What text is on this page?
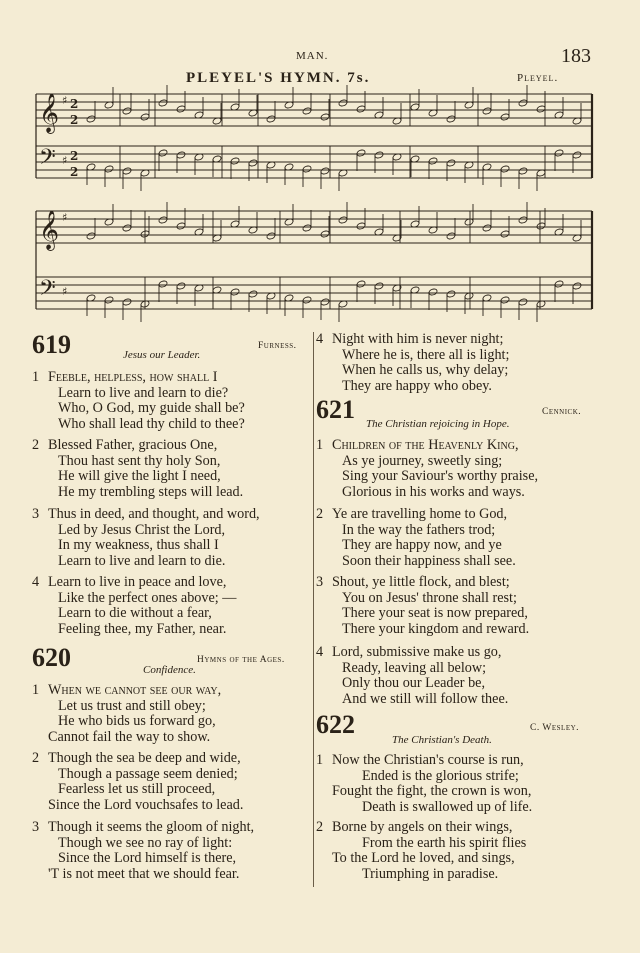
MAN.	183
PLEYEL'S HYMN. 7s.	Pleyel.
𝄞 ♯ 2
2
𝄢 ♯ 2
2
𝄞 ♯
𝄢 ♯
619	Furness.
Jesus our Leader.
1 Feeble, helpless, how shall I
Learn to live and learn to die?
Who, O God, my guide shall be?
Who shall lead thy child to thee?
2 Blessed Father, gracious One,
Thou hast sent thy holy Son,
He will give the light I need,
He my trembling steps will lead.
3 Thus in deed, and thought, and word,
Led by Jesus Christ the Lord,
In my weakness, thus shall I
Learn to live and learn to die.
4 Learn to live in peace and love,
Like the perfect ones above; —
Learn to die without a fear,
Feeling thee, my Father, near.
620	Hymns of the Ages.
Confidence.
1 When we cannot see our way,
Let us trust and still obey;
He who bids us forward go,
Cannot fail the way to show.
2 Though the sea be deep and wide,
Though a passage seem denied;
Fearless let us still proceed,
Since the Lord vouchsafes to lead.
3 Though it seems the gloom of night,
Though we see no ray of light:
Since the Lord himself is there,
'T is not meet that we should fear.
4 Night with him is never night;
Where he is, there all is light;
When he calls us, why delay;
They are happy who obey.
621	Cennick.
The Christian rejoicing in Hope.
1 Children of the Heavenly King,
As ye journey, sweetly sing;
Sing your Saviour's worthy praise,
Glorious in his works and ways.
2 Ye are travelling home to God,
In the way the fathers trod;
They are happy now, and ye
Soon their happiness shall see.
3 Shout, ye little flock, and blest;
You on Jesus' throne shall rest;
There your seat is now prepared,
There your kingdom and reward.
4 Lord, submissive make us go,
Ready, leaving all below;
Only thou our Leader be,
And we still will follow thee.
622	C. Wesley.
The Christian's Death.
1 Now the Christian's course is run,
Ended is the glorious strife;
Fought the fight, the crown is won,
Death is swallowed up of life.
2 Borne by angels on their wings,
From the earth his spirit flies
To the Lord he loved, and sings,
Triumphing in paradise.
